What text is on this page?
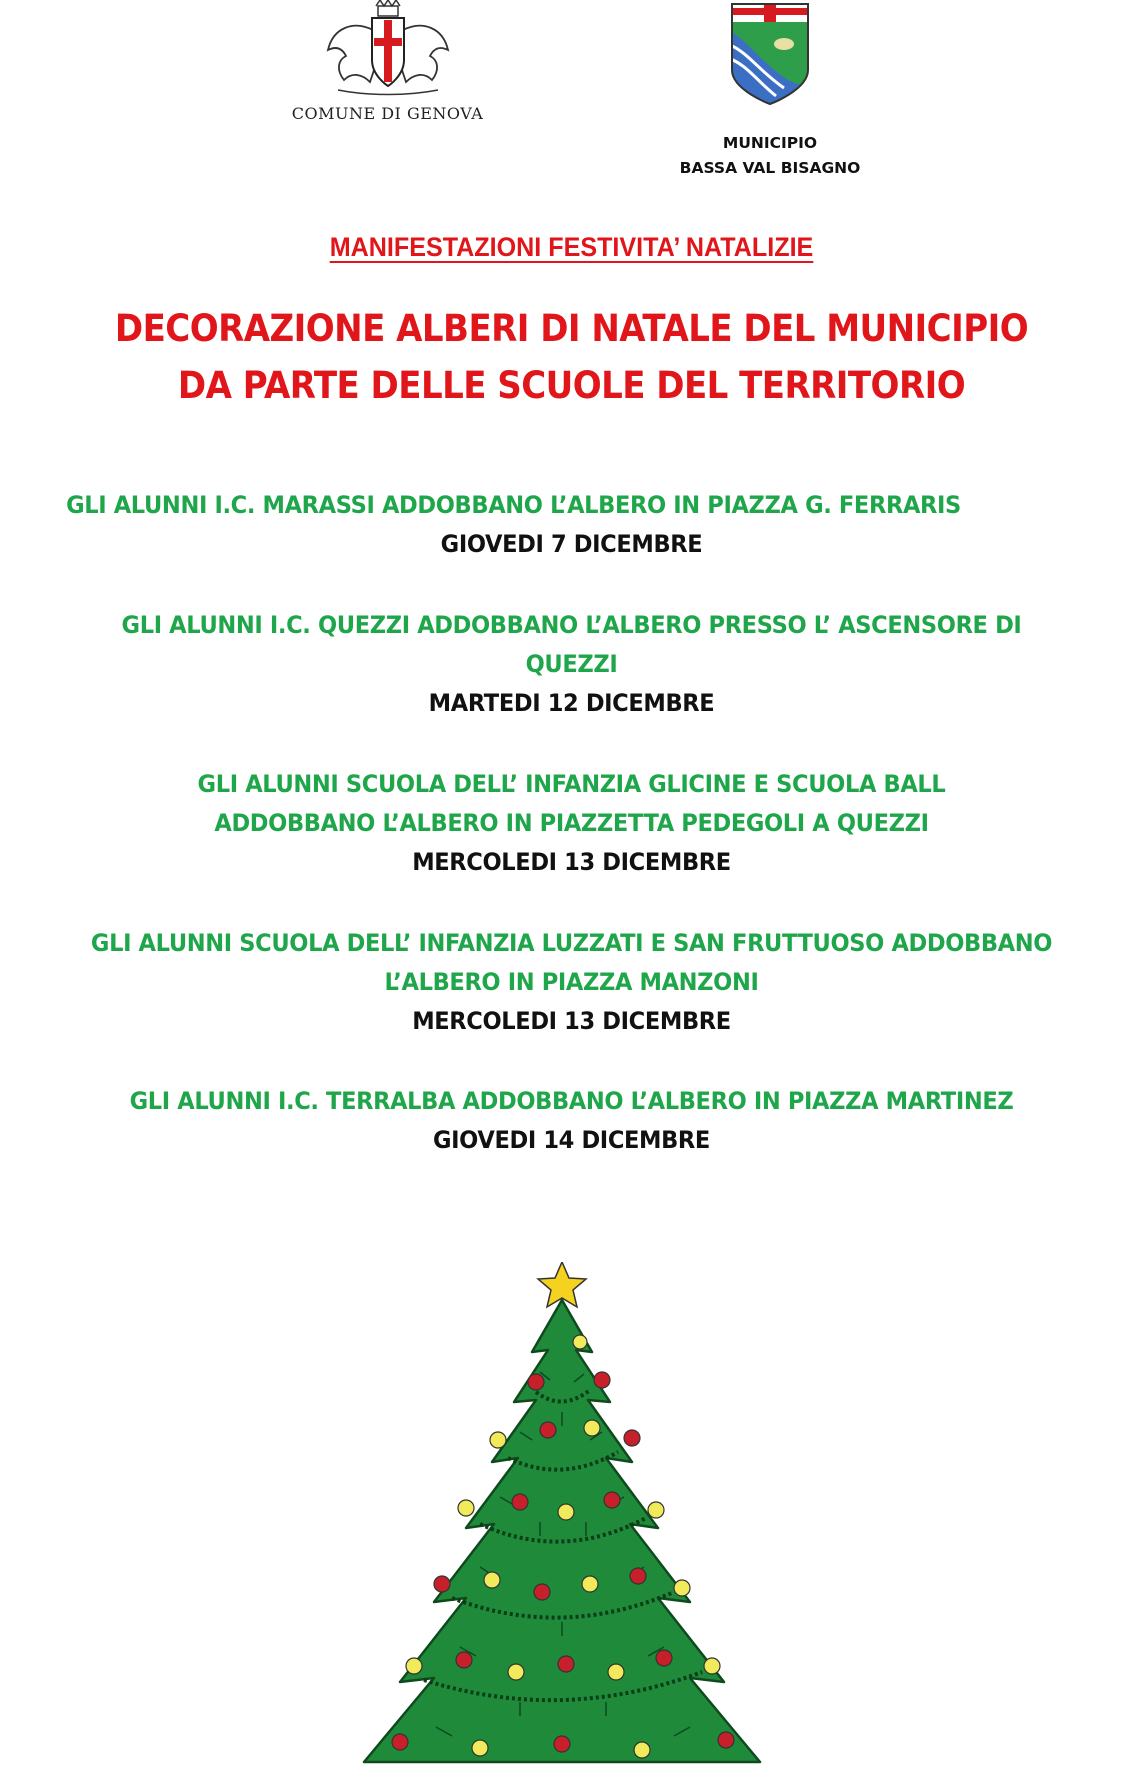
COMUNE DI GENOVA
MUNICIPIO
BASSA VAL BISAGNO
MANIFESTAZIONI FESTIVITA’ NATALIZIE
DECORAZIONE ALBERI DI NATALE DEL MUNICIPIO
DA PARTE DELLE SCUOLE DEL TERRITORIO
GLI ALUNNI I.C. MARASSI ADDOBBANO L’ALBERO IN PIAZZA G. FERRARIS
GIOVEDI 7 DICEMBRE
GLI ALUNNI I.C. QUEZZI ADDOBBANO L’ALBERO PRESSO L’ ASCENSORE DI
QUEZZI
MARTEDI 12 DICEMBRE
GLI ALUNNI SCUOLA DELL’ INFANZIA GLICINE E SCUOLA BALL
ADDOBBANO L’ALBERO IN PIAZZETTA PEDEGOLI A QUEZZI
MERCOLEDI 13 DICEMBRE
GLI ALUNNI SCUOLA DELL’ INFANZIA LUZZATI E SAN FRUTTUOSO ADDOBBANO
L’ALBERO IN PIAZZA MANZONI
MERCOLEDI 13 DICEMBRE
GLI ALUNNI I.C. TERRALBA ADDOBBANO L’ALBERO IN PIAZZA MARTINEZ
GIOVEDI 14 DICEMBRE
